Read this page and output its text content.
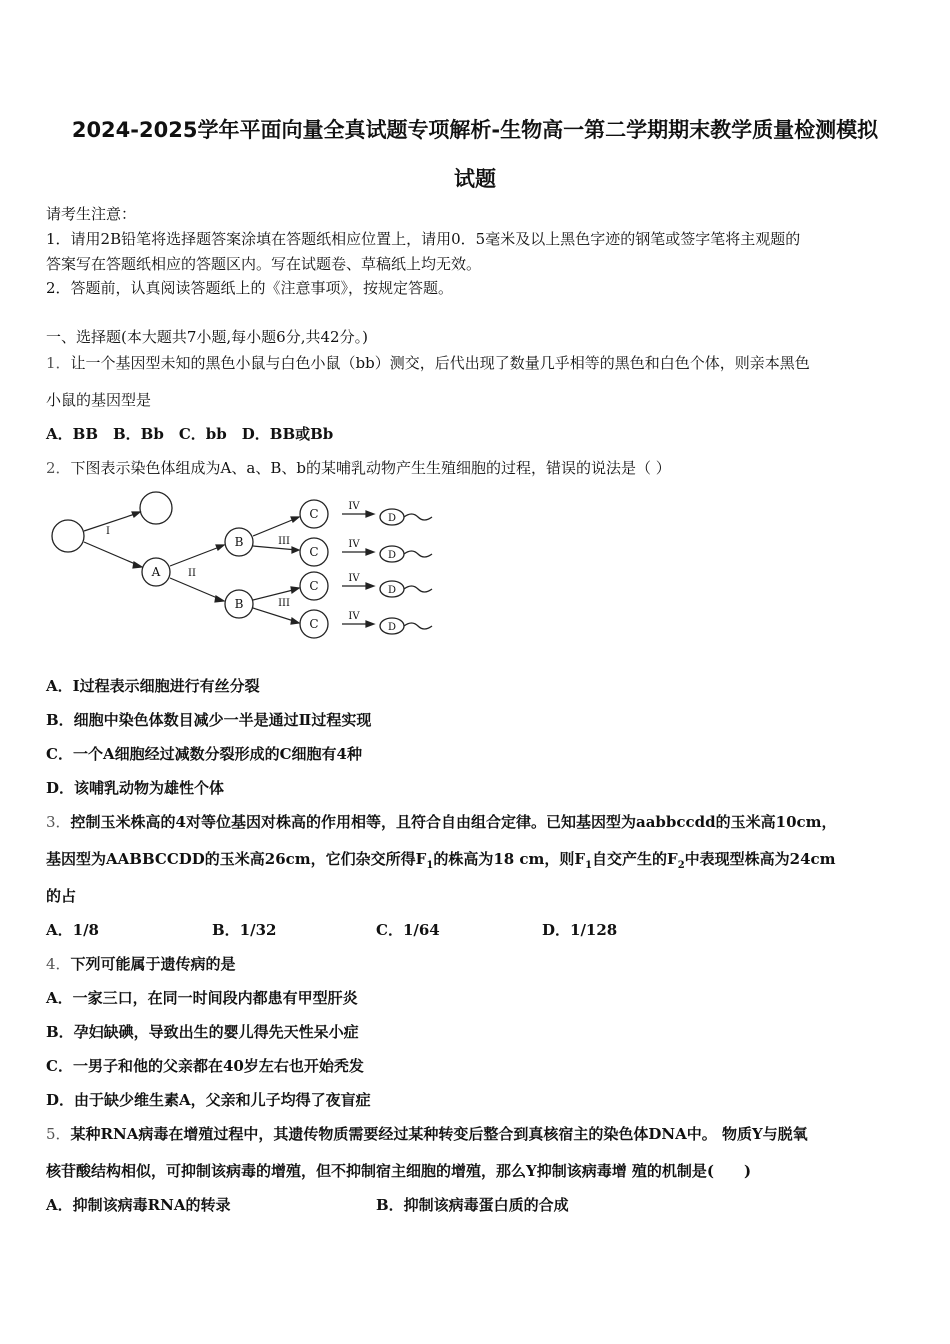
2024-2025学年平面向量全真试题专项解析-生物高一第二学期期末教学质量检测模拟
试题
请考生注意：
1．请用2B铅笔将选择题答案涂填在答题纸相应位置上，请用0．5毫米及以上黑色字迹的钢笔或签字笔将主观题的
答案写在答题纸相应的答题区内。写在试题卷、草稿纸上均无效。
2．答题前，认真阅读答题纸上的《注意事项》，按规定答题。
一、选择题(本大题共7小题,每小题6分,共42分。)
1．让一个基因型未知的黑色小鼠与白色小鼠（bb）测交，后代出现了数量几乎相等的黑色和白色个体，则亲本黑色
小鼠的基因型是
A．BB　B．Bb　C．bb　D．BB或Bb
2．下图表示染色体组成为A、a、B、b的某哺乳动物产生生殖细胞的过程，错误的说法是（ ）
A
B
B
C
C
C
C
D
D
D
D
I
II
III
III
IV
IV
IV
IV
A．Ⅰ过程表示细胞进行有丝分裂
B．细胞中染色体数目减少一半是通过Ⅱ过程实现
C．一个A细胞经过减数分裂形成的C细胞有4种
D．该哺乳动物为雄性个体
3．控制玉米株高的4对等位基因对株高的作用相等，且符合自由组合定律。已知基因型为aabbccdd的玉米高10cm，
基因型为AABBCCDD的玉米高26cm，它们杂交所得$F_1$的株高为18 cm，则$F_1$自交产生的$F_2$中表现型株高为24cm
的占
A．1/8	B．1/32	C．1/64	D．1/128
4．下列可能属于遗传病的是
A．一家三口，在同一时间段内都患有甲型肝炎
B．孕妇缺碘，导致出生的婴儿得先天性呆小症
C．一男子和他的父亲都在40岁左右也开始秃发
D．由于缺少维生素A，父亲和儿子均得了夜盲症
5．某种RNA病毒在增殖过程中，其遗传物质需要经过某种转变后整合到真核宿主的染色体DNA中。 物质Y与脱氧
核苷酸结构相似，可抑制该病毒的增殖，但不抑制宿主细胞的增殖，那么Y抑制该病毒增 殖的机制是(　　)
A．抑制该病毒RNA的转录	B．抑制该病毒蛋白质的合成
